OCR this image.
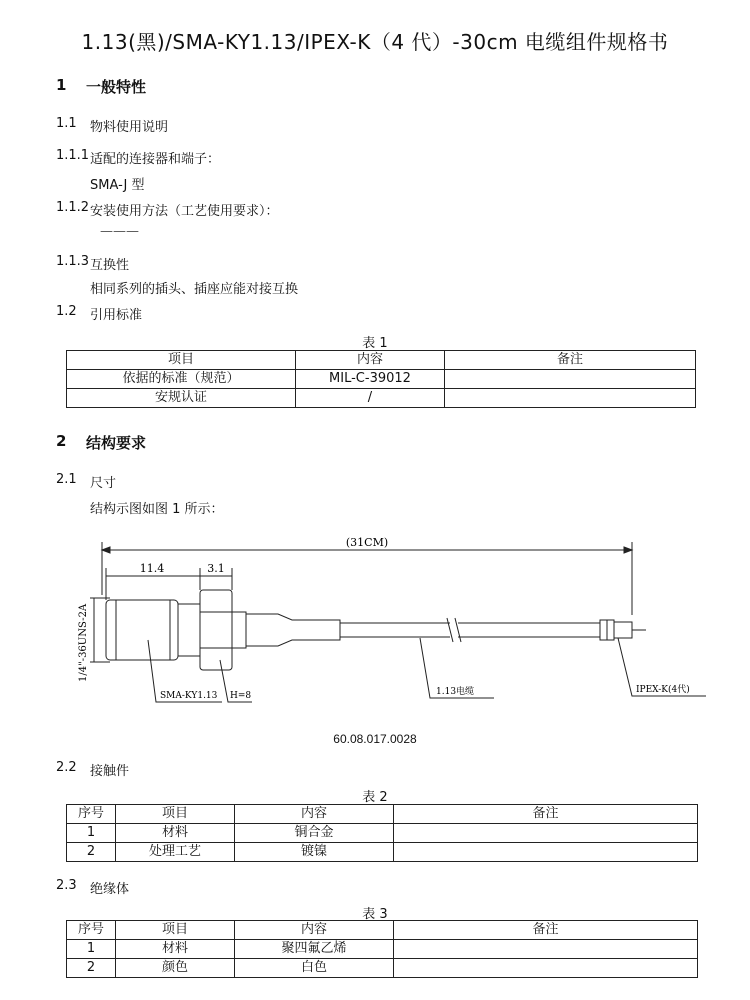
1.13(黑)/SMA-KY1.13/IPEX-K（4 代）-30cm 电缆组件规格书
1 一般特性
1.1 物料使用说明
1.1.1 适配的连接器和端子：
SMA-J 型
1.1.2 安装使用方法（工艺使用要求）：
———
1.1.3 互换性
相同系列的插头、插座应能对接互换
1.2 引用标准
表 1
项目	内容	备注
依据的标准（规范）	MIL-C-39012	
安规认证	/	
2 结构要求
2.1 尺寸
结构示图如图 1 所示：
(31CM)
11.4	3.1
1/4"-36UNS-2A
SMA-KY1.13 H=8	1.13电缆	IPEX-K(4代)
60.08.017.0028
2.2 接触件
表 2
序号	项目	内容	备注
1	材料	铜合金	
2	处理工艺	镀镍	
2.3 绝缘体
表 3
序号	项目	内容	备注
1	材料	聚四氟乙烯	
2	颜色	白色	
